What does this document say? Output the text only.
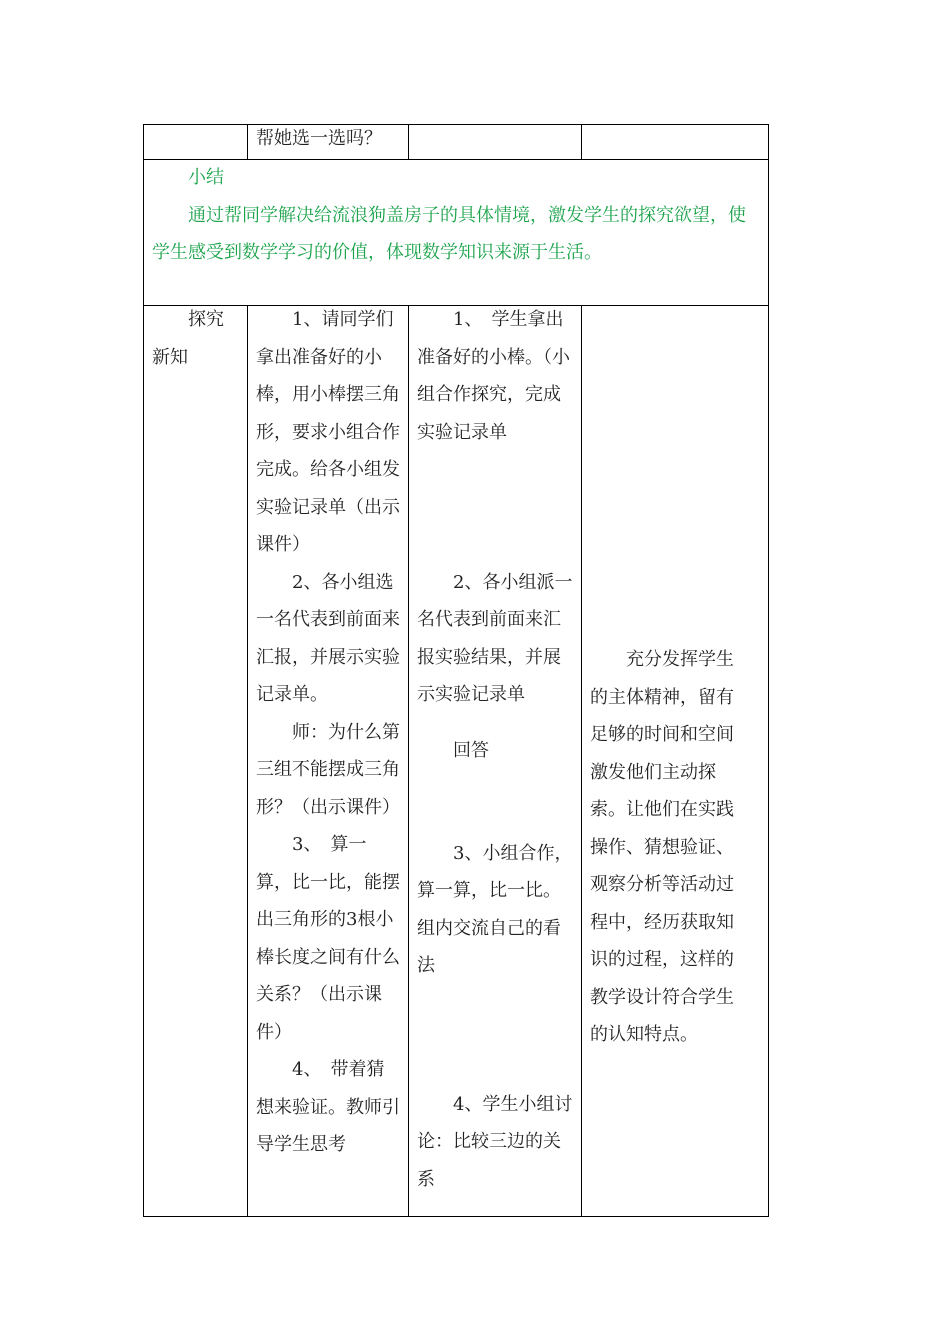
帮她选一选吗？

小结

通过帮同学解决给流浪狗盖房子的具体情境，激发学生的探究欲望，使学生感受到数学学习的价值，体现数学知识来源于生活。

探究

新知

1、请同学们拿出准备好的小棒，用小棒摆三角形，要求小组合作完成。给各小组发实验记录单（出示课件）

2、各小组选一名代表到前面来汇报，并展示实验记录单。

师：为什么第三组不能摆成三角形？（出示课件）

3、　算一算，比一比，能摆出三角形的3根小棒长度之间有什么关系？（出示课件）

4、　带着猜想来验证。教师引导学生思考

1、　学生拿出准备好的小棒。（小组合作探究，完成实验记录单

2、各小组派一名代表到前面来汇报实验结果，并展示实验记录单

回答

3、小组合作，算一算，比一比。组内交流自己的看法

4、学生小组讨论：比较三边的关系

充分发挥学生的主体精神，留有足够的时间和空间激发他们主动探索。让他们在实践操作、猜想验证、观察分析等活动过程中，经历获取知识的过程，这样的教学设计符合学生的认知特点。
